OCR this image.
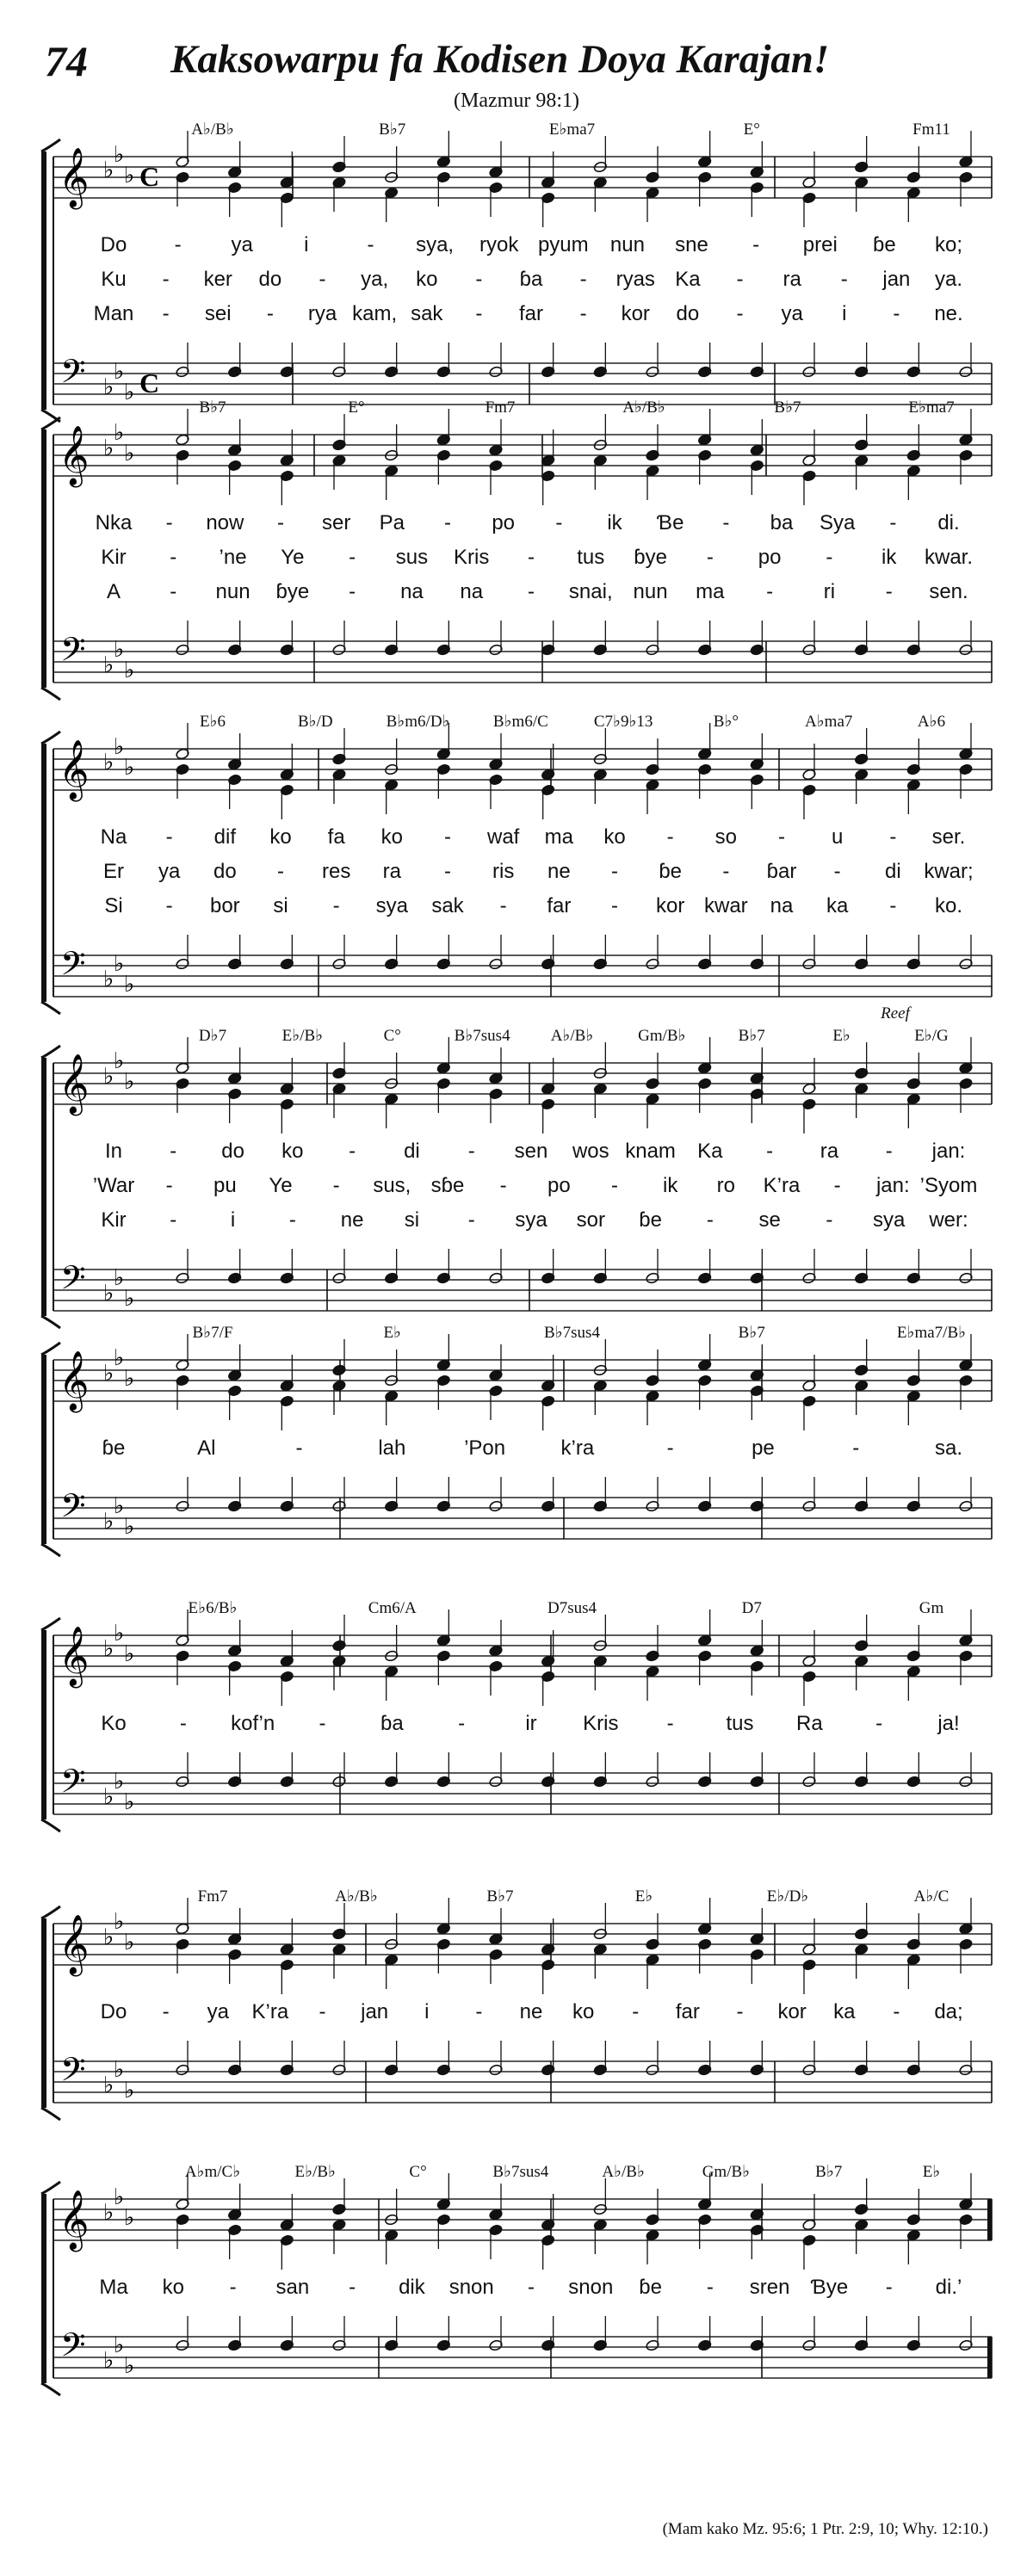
74 Kaksowarpu fa Kodisen Doya Karajan!
(Mazmur 98:1)
𝄞
𝄢
♭
♭
♭
♭
♭
♭
C
C
A♭/B♭	B♭7	E♭ma7	E°	Fm11
Do - ya i	- sya, ryok pyum nun sne - prei ɓe ko;
Ku - ker do - ya, ko - ɓa - ryas Ka - ra - jan ya.
Man - sei - rya kam, sak - far - kor do - ya i - ne.
𝄞
𝄢
♭
♭
♭
♭
♭
♭
B♭7	E°	Fm7	A♭/B♭	B♭7	E♭ma7
Nka - now - ser Pa - po - ik Ɓe - ba Sya - di.
Kir - ’ne Ye - sus Kris - tus ɓye - po - ik kwar.
A - nun ɓye - na na - snai, nun ma - ri - sen.
𝄞
𝄢
♭
♭
♭
♭
♭
♭
E♭6	B♭/D	B♭m6/D♭	B♭m6/C	C7♭9♭13	B♭°	A♭ma7	A♭6
Na - dif ko fa ko - waf ma ko - so - u - ser.
Er ya do - res ra - ris ne - ɓe - ɓar - di kwar;
Si - bor si - sya sak - far - kor kwar na ka - ko.
𝄞
𝄢
♭
♭
♭
♭
♭
♭
D♭7	E♭/B♭	C°	B♭7sus4 A♭/B♭	Gm/B♭	B♭7	E♭	E♭/G
Reef
In - do ko - di - sen wos knam Ka - ra - jan:
’War - pu Ye - sus, sɓe - po - ik ro K’ra - jan: ’Syom
Kir -	i	- ne si - sya sor ɓe - se - sya wer:
𝄞
𝄢
♭
♭
♭
♭
♭
♭
B♭7/F	E♭	B♭7sus4	B♭7	E♭ma7/B♭
ɓe	Al	-	lah	’Pon	k’ra	-	pe	-	sa.
𝄞
𝄢
♭
♭
♭
♭
♭
♭
E♭6/B♭	Cm6/A	D7sus4	D7	Gm
Ko	- kof’n -	ɓa	-	ir Kris -	tus Ra	-	ja!
𝄞
𝄢
♭
♭
♭
♭
♭
♭
Fm7	A♭/B♭	B♭7	E♭	E♭/D♭	A♭/C
Do - ya K’ra - jan i - ne ko - far - kor ka - da;
𝄞
𝄢
♭
♭
♭
♭
♭
♭
A♭m/C♭	E♭/B♭	C°	B♭7sus4	A♭/B♭	Gm/B♭	B♭7	E♭
Ma ko - san - dik snon - snon ɓe - sren Ɓye - di.’
(Mam kako Mz. 95:6; 1 Ptr. 2:9, 10; Why. 12:10.)
